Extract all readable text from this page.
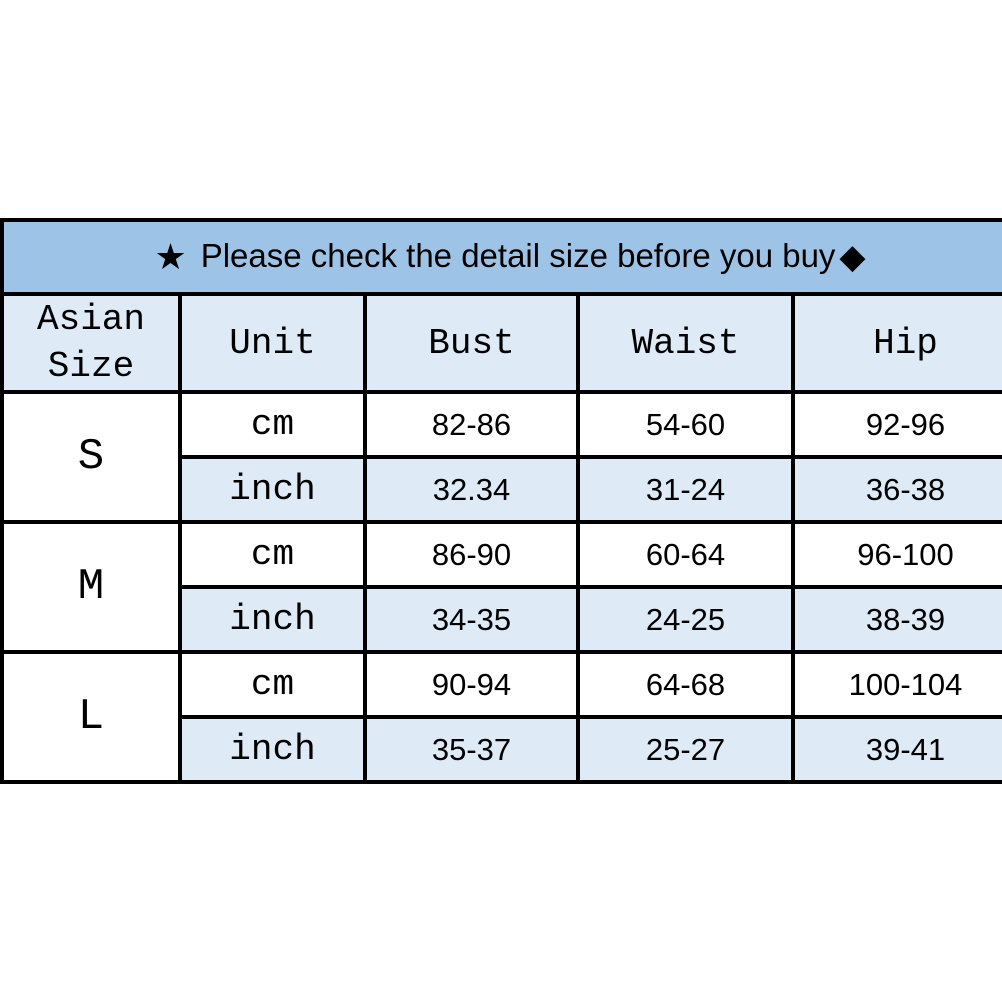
★ Please check the detail size before you buy ◆				
Asian Size	Unit	Bust	Waist	Hip
S	cm	82-86	54-60	92-96
	inch	32.34	31-24	36-38
M	cm	86-90	60-64	96-100
	inch	34-35	24-25	38-39
L	cm	90-94	64-68	100-104
	inch	35-37	25-27	39-41
